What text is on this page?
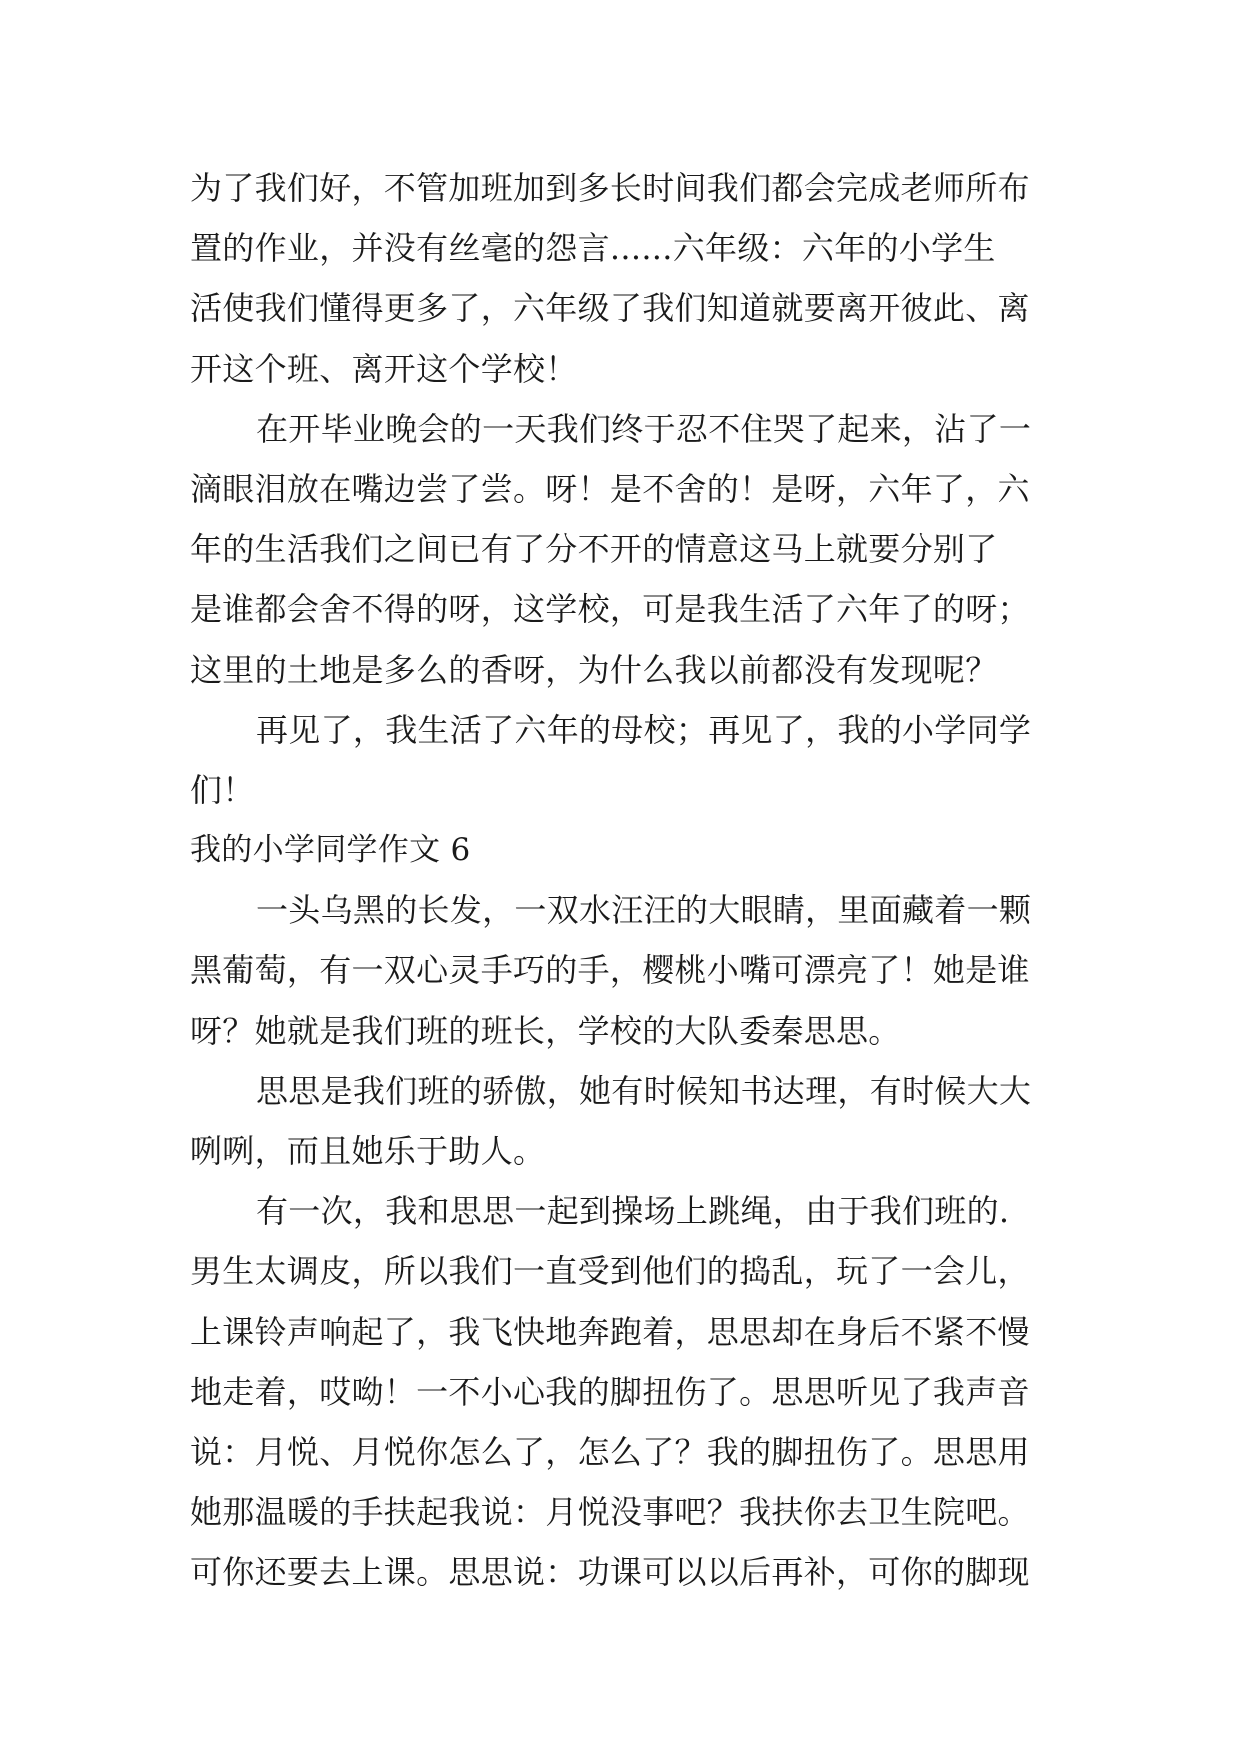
为了我们好，不管加班加到多长时间我们都会完成老师所布
置的作业，并没有丝毫的怨言......六年级：六年的小学生
活使我们懂得更多了，六年级了我们知道就要离开彼此、离
开这个班、离开这个学校！
在开毕业晚会的一天我们终于忍不住哭了起来，沾了一
滴眼泪放在嘴边尝了尝。呀！是不舍的！是呀，六年了，六
年的生活我们之间已有了分不开的情意这马上就要分别了
是谁都会舍不得的呀，这学校，可是我生活了六年了的呀；
这里的土地是多么的香呀，为什么我以前都没有发现呢？
再见了，我生活了六年的母校；再见了，我的小学同学
们！
我的小学同学作文 6
一头乌黑的长发，一双水汪汪的大眼睛，里面藏着一颗
黑葡萄，有一双心灵手巧的手，樱桃小嘴可漂亮了！她是谁
呀？她就是我们班的班长，学校的大队委秦思思。
思思是我们班的骄傲，她有时候知书达理，有时候大大
咧咧，而且她乐于助人。
有一次，我和思思一起到操场上跳绳，由于我们班的.
男生太调皮，所以我们一直受到他们的捣乱，玩了一会儿，
上课铃声响起了，我飞快地奔跑着，思思却在身后不紧不慢
地走着，哎呦！一不小心我的脚扭伤了。思思听见了我声音
说：月悦、月悦你怎么了，怎么了？我的脚扭伤了。思思用
她那温暖的手扶起我说：月悦没事吧？我扶你去卫生院吧。
可你还要去上课。思思说：功课可以以后再补，可你的脚现
